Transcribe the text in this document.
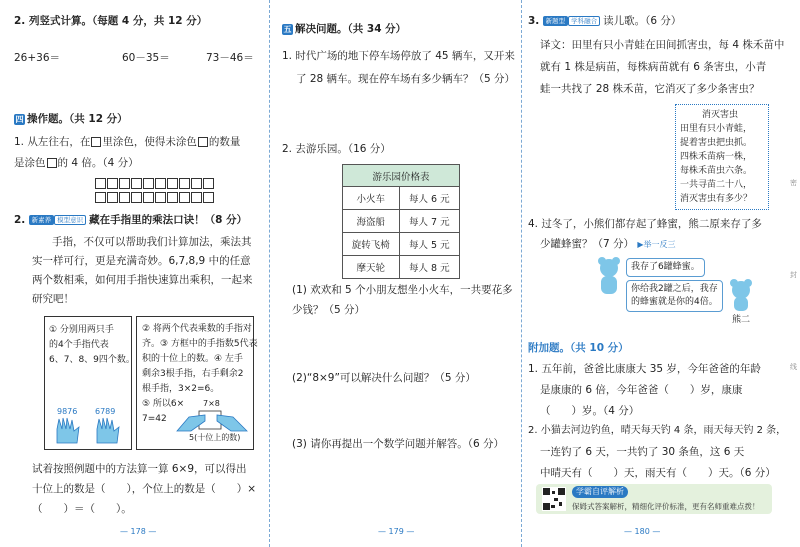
2. 列竖式计算。（每题 4 分，共 12 分）
26+36＝	60－35＝	73－46＝
四 操作题。（共 12 分）
1. 从左往右，在 里涂色，使得未涂色 的数量
是涂色 的 4 倍。（4 分）
2. 新素养 模型意识 藏在手指里的乘法口诀！（8 分）
手指，不仅可以帮助我们计算加法，乘法其
实一样可行，更是充满奇妙。6,7,8,9 中的任意
两个数相乘，如何用手指快速算出乘积，一起来
研究吧！
① 分别用两只手
的4个手指代表
6、7、8、9四个数。
9876 6789
② 将两个代表乘数的手指对
齐。③ 方框中的手指数5代表
积的十位上的数。④ 左手
剩余3根手指，右手剩余2
根手指，3×2=6。
⑤ 所以6×
7=42
7×8
5(十位上的数)
试着按照例题中的方法算一算 6×9，可以得出
十位上的数是（　　），个位上的数是（　　）×
（　　）＝（　　）。
— 178 —
五 解决问题。（共 34 分）
1. 时代广场的地下停车场停放了 45 辆车，又开来
了 28 辆车。现在停车场有多少辆车？（5 分）
2. 去游乐园。（16 分）
游乐园价格表	
小火车	每人 6 元
海盗船	每人 7 元
旋转飞椅	每人 5 元
摩天轮	每人 8 元
(1) 欢欢和 5 个小朋友想坐小火车，一共要花多
少钱？（5 分）
(2)“8×9”可以解决什么问题？（5 分）
(3) 请你再提出一个数学问题并解答。（6 分）
— 179 —
3. 新题型 学科融合 读儿歌。（6 分）
译文：田里有只小青蛙在田间抓害虫，每 4 株禾苗中
就有 1 株是病苗，每株病苗就有 6 条害虫，小青
蛙一共找了 28 株禾苗，它消灭了多少条害虫？
消灭害虫
田里有只小青蛙，
捉着害虫把虫抓。
四株禾苗病一株，
每株禾苗虫六条。
一共寻苗二十八，
消灭害虫有多少？
4. 过冬了，小熊们都存起了蜂蜜，熊二原来存了多
少罐蜂蜜？（7 分） ▶举一反三
我存了6罐蜂蜜。
你给我2罐之后，我存
的蜂蜜就是你的4倍。
熊二
附加题。（共 10 分）
1. 五年前，爸爸比康康大 35 岁，今年爸爸的年龄
是康康的 6 倍，今年爸爸（　　）岁，康康
（　　）岁。（4 分）
2. 小猫去河边钓鱼，晴天每天钓 4 条，雨天每天钓 2 条，
一连钓了 6 天，一共钓了 30 条鱼，这 6 天
中晴天有（　　）天，雨天有（　　）天。（6 分）
学霸自评解析
保姆式答案解析，精细化评价标准，更有名师重难点拨！
密
封
线
— 180 —
